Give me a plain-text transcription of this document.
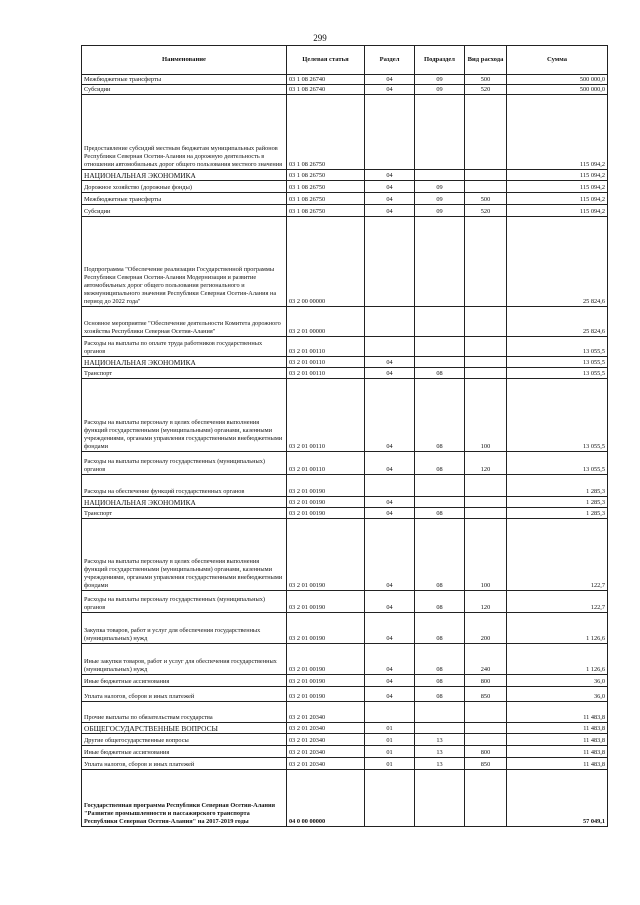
299
Наименование	Целевая статья	Раздел	Подраздел	Вид расхода	Сумма
Межбюджетные трансферты	03 1 08 26740	04	09	500	500 000,0
Субсидии	03 1 08 26740	04	09	520	500 000,0
Предоставление субсидий местным бюджетам муниципальных районов Республики Северная Осетия-Алания на дорожную деятельность в отношении автомобильных дорог общего пользования местного значения	03 1 08 26750				115 094,2
НАЦИОНАЛЬНАЯ ЭКОНОМИКА	03 1 08 26750	04			115 094,2
Дорожное хозяйство (дорожные фонды)	03 1 08 26750	04	09		115 094,2
Межбюджетные трансферты	03 1 08 26750	04	09	500	115 094,2
Субсидии	03 1 08 26750	04	09	520	115 094,2
Подпрограмма "Обеспечение реализации Государственной программы Республики Северная Осетия-Алания Модернизация и развитие автомобильных дорог общего пользования регионального и межмуниципального значения Республики Северная Осетия-Алания на период до 2022 года"	03 2 00 00000				25 824,6
Основное мероприятие "Обеспечение деятельности Комитета дорожного хозяйства Республики Северная Осетия-Алания"	03 2 01 00000				25 824,6
Расходы на выплаты по оплате труда работников государственных органов	03 2 01 00110				13 055,5
НАЦИОНАЛЬНАЯ ЭКОНОМИКА	03 2 01 00110	04			13 055,5
Транспорт	03 2 01 00110	04	08		13 055,5
Расходы на выплаты персоналу в целях обеспечения выполнения функций государственными (муниципальными) органами, казенными учреждениями, органами управления государственными внебюджетными фондами	03 2 01 00110	04	08	100	13 055,5
Расходы на выплаты персоналу государственных (муниципальных) органов	03 2 01 00110	04	08	120	13 055,5
Расходы на обеспечение функций государственных органов	03 2 01 00190				1 285,3
НАЦИОНАЛЬНАЯ ЭКОНОМИКА	03 2 01 00190	04			1 285,3
Транспорт	03 2 01 00190	04	08		1 285,3
Расходы на выплаты персоналу в целях обеспечения выполнения функций государственными (муниципальными) органами, казенными учреждениями, органами управления государственными внебюджетными фондами	03 2 01 00190	04	08	100	122,7
Расходы на выплаты персоналу государственных (муниципальных) органов	03 2 01 00190	04	08	120	122,7
Закупка товаров, работ и услуг для обеспечения государственных (муниципальных) нужд	03 2 01 00190	04	08	200	1 126,6
Иные закупки товаров, работ и услуг для обеспечения государственных (муниципальных) нужд	03 2 01 00190	04	08	240	1 126,6
Иные бюджетные ассигнования	03 2 01 00190	04	08	800	36,0
Уплата налогов, сборов и иных платежей	03 2 01 00190	04	08	850	36,0
Прочие выплаты по обязательствам государства	03 2 01 20340				11 483,8
ОБЩЕГОСУДАРСТВЕННЫЕ ВОПРОСЫ	03 2 01 20340	01			11 483,8
Другие общегосударственные вопросы	03 2 01 20340	01	13		11 483,8
Иные бюджетные ассигнования	03 2 01 20340	01	13	800	11 483,8
Уплата налогов, сборов и иных платежей	03 2 01 20340	01	13	850	11 483,8
Государственная программа Республики Северная Осетия-Алания "Развитие промышленности и пассажирского транспорта Республики Северная Осетия-Алания" на 2017-2019 годы	04 0 00 00000				57 049,1
